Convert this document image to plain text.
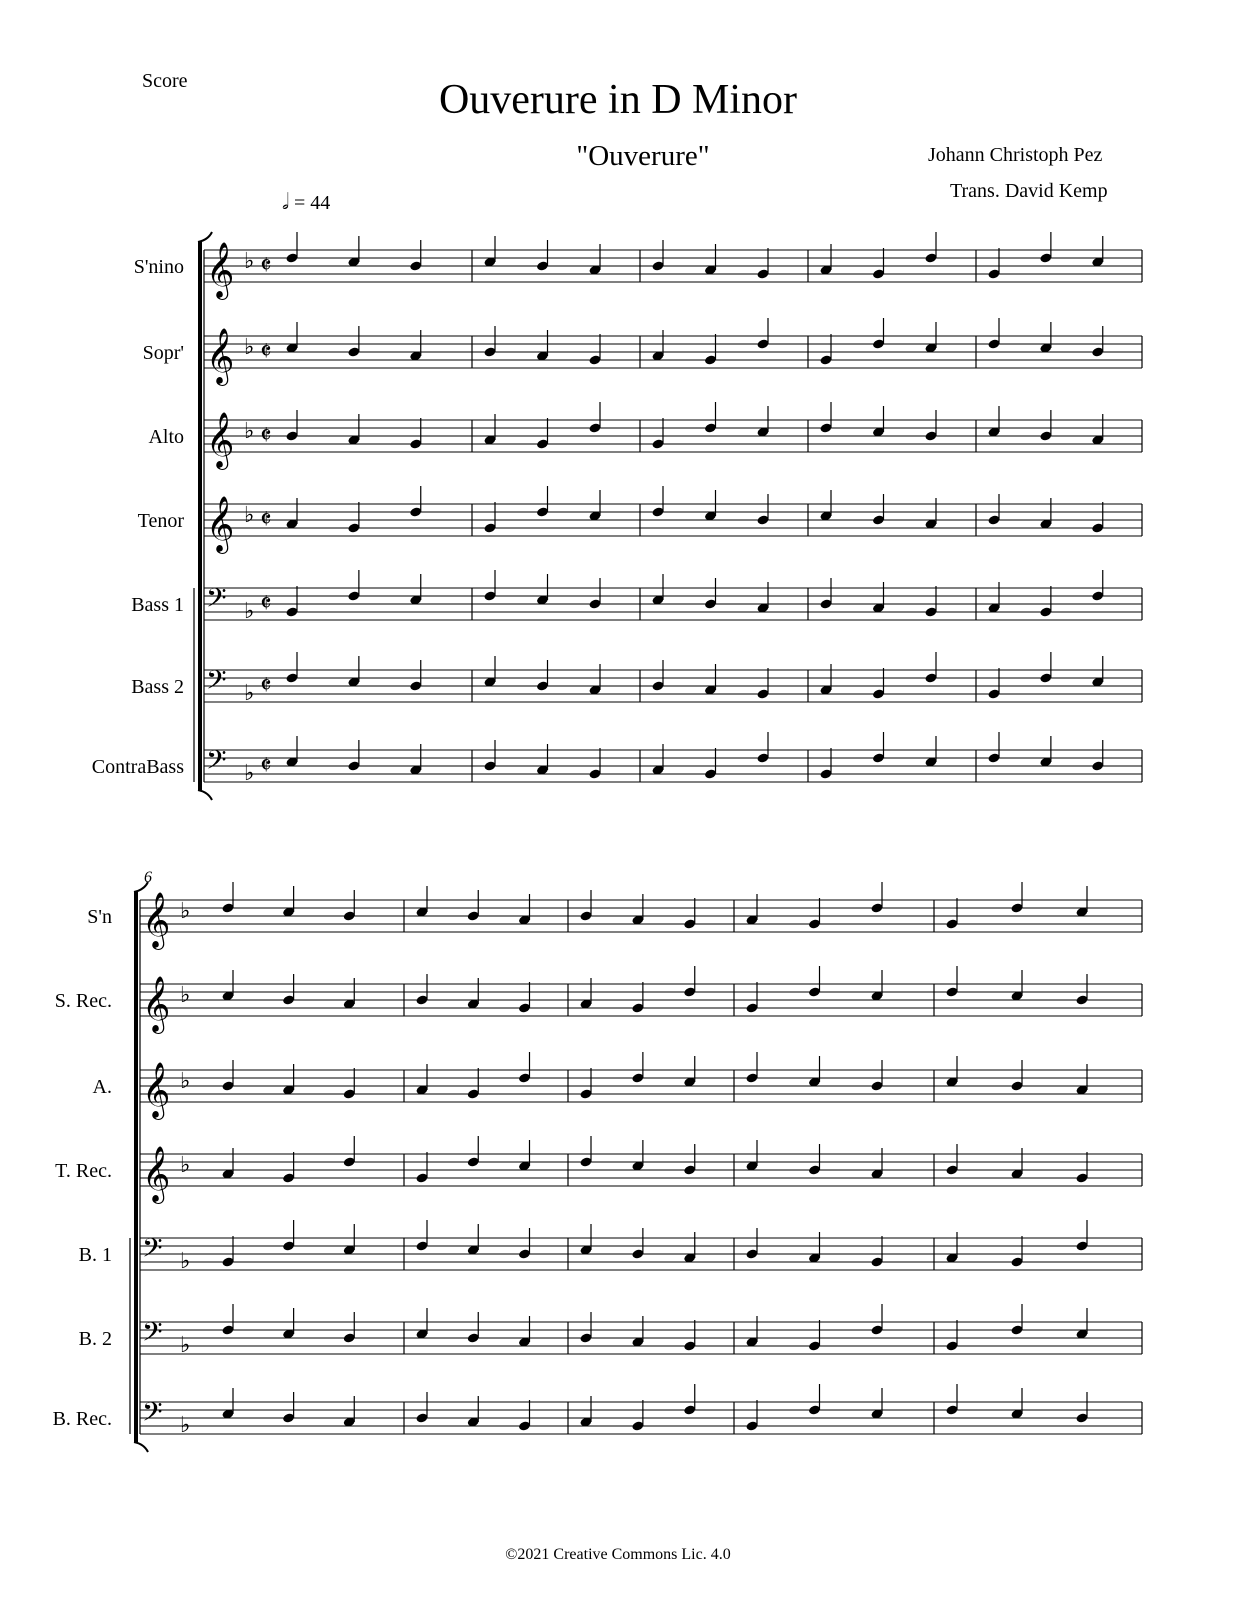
Score	Ouverure in D Minor
"Ouverure"	Johann Christoph Pez
Trans. David Kemp
𝅗𝅥 = 44
S'nino
Sopr'
Alto
Tenor
Bass 1
Bass 2
ContraBass
S'n
S. Rec.
A.
T. Rec.
B. 1
B. 2
B. Rec.
𝄞 ♭ 𝄵
𝄞 ♭ 𝄵
𝄞 ♭ 𝄵
𝄞 ♭ 𝄵
𝄢 ♭ 𝄵
𝄢 ♭ 𝄵
𝄢 ♭ 𝄵
6
𝄞 ♭
𝄞 ♭
𝄞 ♭
𝄞 ♭
𝄢 ♭
𝄢 ♭
𝄢 ♭
©2021 Creative Commons Lic. 4.0
